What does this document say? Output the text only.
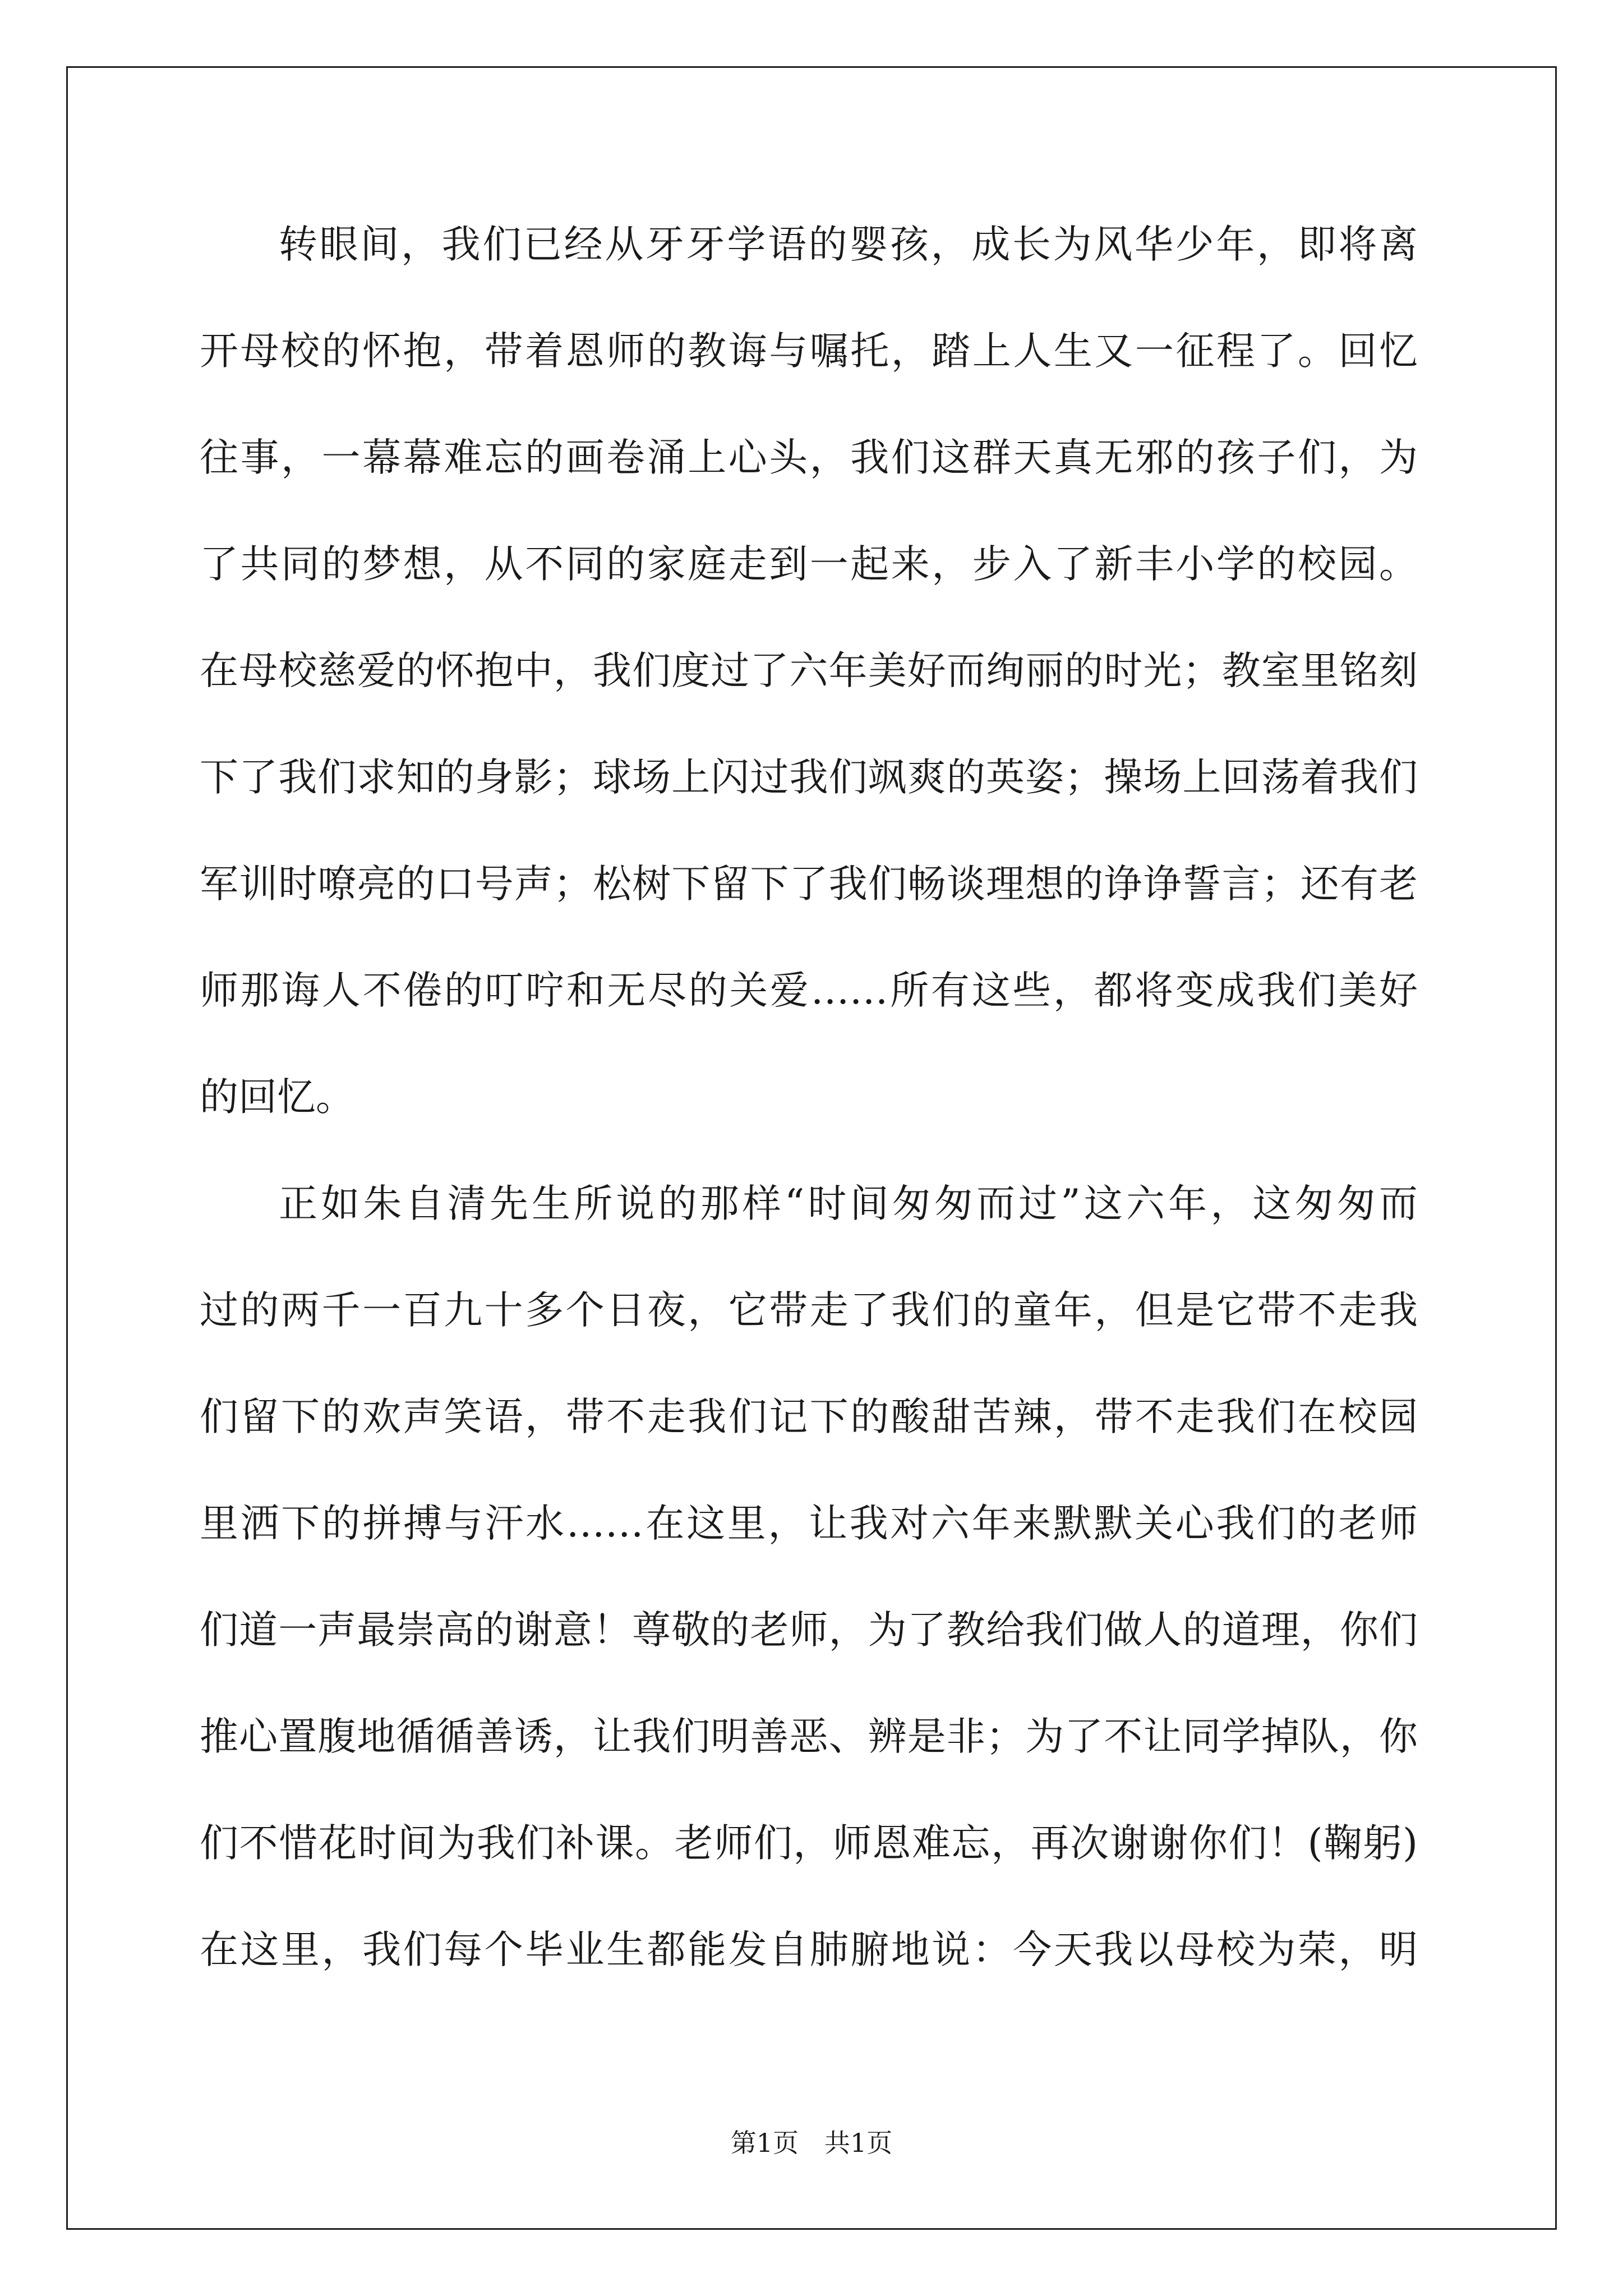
转眼间，我们已经从牙牙学语的婴孩，成长为风华少年，即将离
开母校的怀抱，带着恩师的教诲与嘱托，踏上人生又一征程了。回忆
往事，一幕幕难忘的画卷涌上心头，我们这群天真无邪的孩子们，为
了共同的梦想，从不同的家庭走到一起来，步入了新丰小学的校园。
在母校慈爱的怀抱中，我们度过了六年美好而绚丽的时光；教室里铭刻
下了我们求知的身影；球场上闪过我们飒爽的英姿；操场上回荡着我们
军训时嘹亮的口号声；松树下留下了我们畅谈理想的诤诤誓言；还有老
师那诲人不倦的叮咛和无尽的关爱……所有这些，都将变成我们美好
的回忆。
正如朱自清先生所说的那样“时间匆匆而过”这六年，这匆匆而
过的两千一百九十多个日夜，它带走了我们的童年，但是它带不走我
们留下的欢声笑语，带不走我们记下的酸甜苦辣，带不走我们在校园
里洒下的拼搏与汗水……在这里，让我对六年来默默关心我们的老师
们道一声最崇高的谢意！尊敬的老师，为了教给我们做人的道理，你们
推心置腹地循循善诱，让我们明善恶、辨是非；为了不让同学掉队，你
们不惜花时间为我们补课。老师们，师恩难忘，再次谢谢你们！(鞠躬)
在这里，我们每个毕业生都能发自肺腑地说：今天我以母校为荣，明
第1页　共1页
